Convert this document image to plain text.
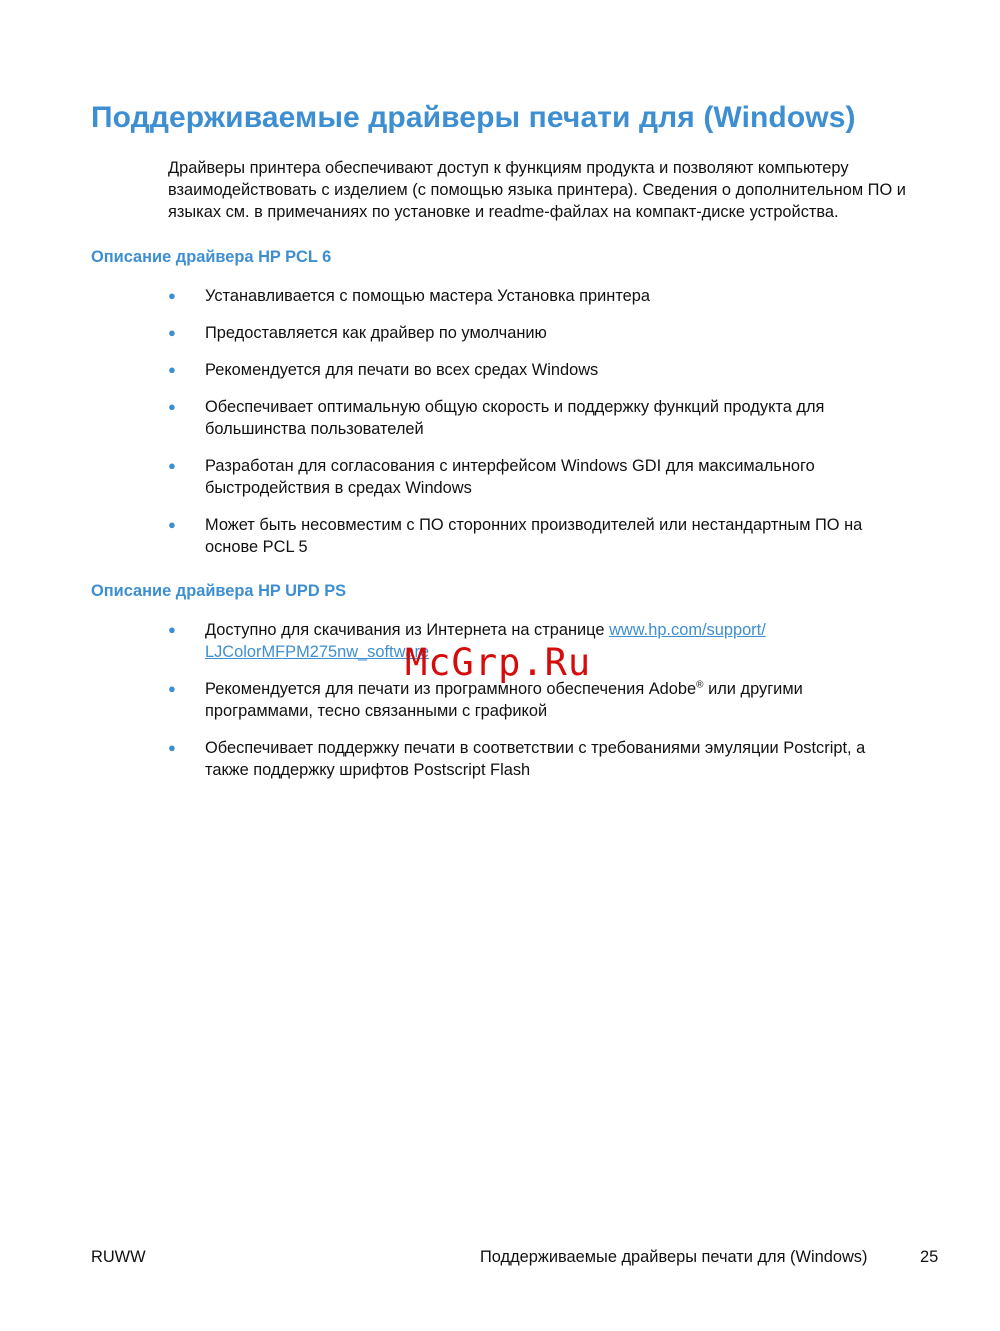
Поддерживаемые драйверы печати для (Windows)

Драйверы принтера обеспечивают доступ к функциям продукта и позволяют компьютеру взаимодействовать с изделием (с помощью языка принтера). Сведения о дополнительном ПО и языках см. в примечаниях по установке и readme-файлах на компакт-диске устройства.

Описание драйвера HP PCL 6
● Устанавливается с помощью мастера Установка принтера
● Предоставляется как драйвер по умолчанию
● Рекомендуется для печати во всех средах Windows
● Обеспечивает оптимальную общую скорость и поддержку функций продукта для большинства пользователей
● Разработан для согласования с интерфейсом Windows GDI для максимального быстродействия в средах Windows
● Может быть несовместим с ПО сторонних производителей или нестандартным ПО на основе PCL 5
Описание драйвера HP UPD PS
● Доступно для скачивания из Интернета на странице www.hp.com/support/ LJColorMFPM275nw_software
● Рекомендуется для печати из программного обеспечения Adobe® или другими программами, тесно связанными с графикой
● Обеспечивает поддержку печати в соответствии с требованиями эмуляции Postcript, а также поддержку шрифтов Postscript Flash
McGrp.Ru
RUWW	Поддерживаемые драйверы печати для (Windows)	25
